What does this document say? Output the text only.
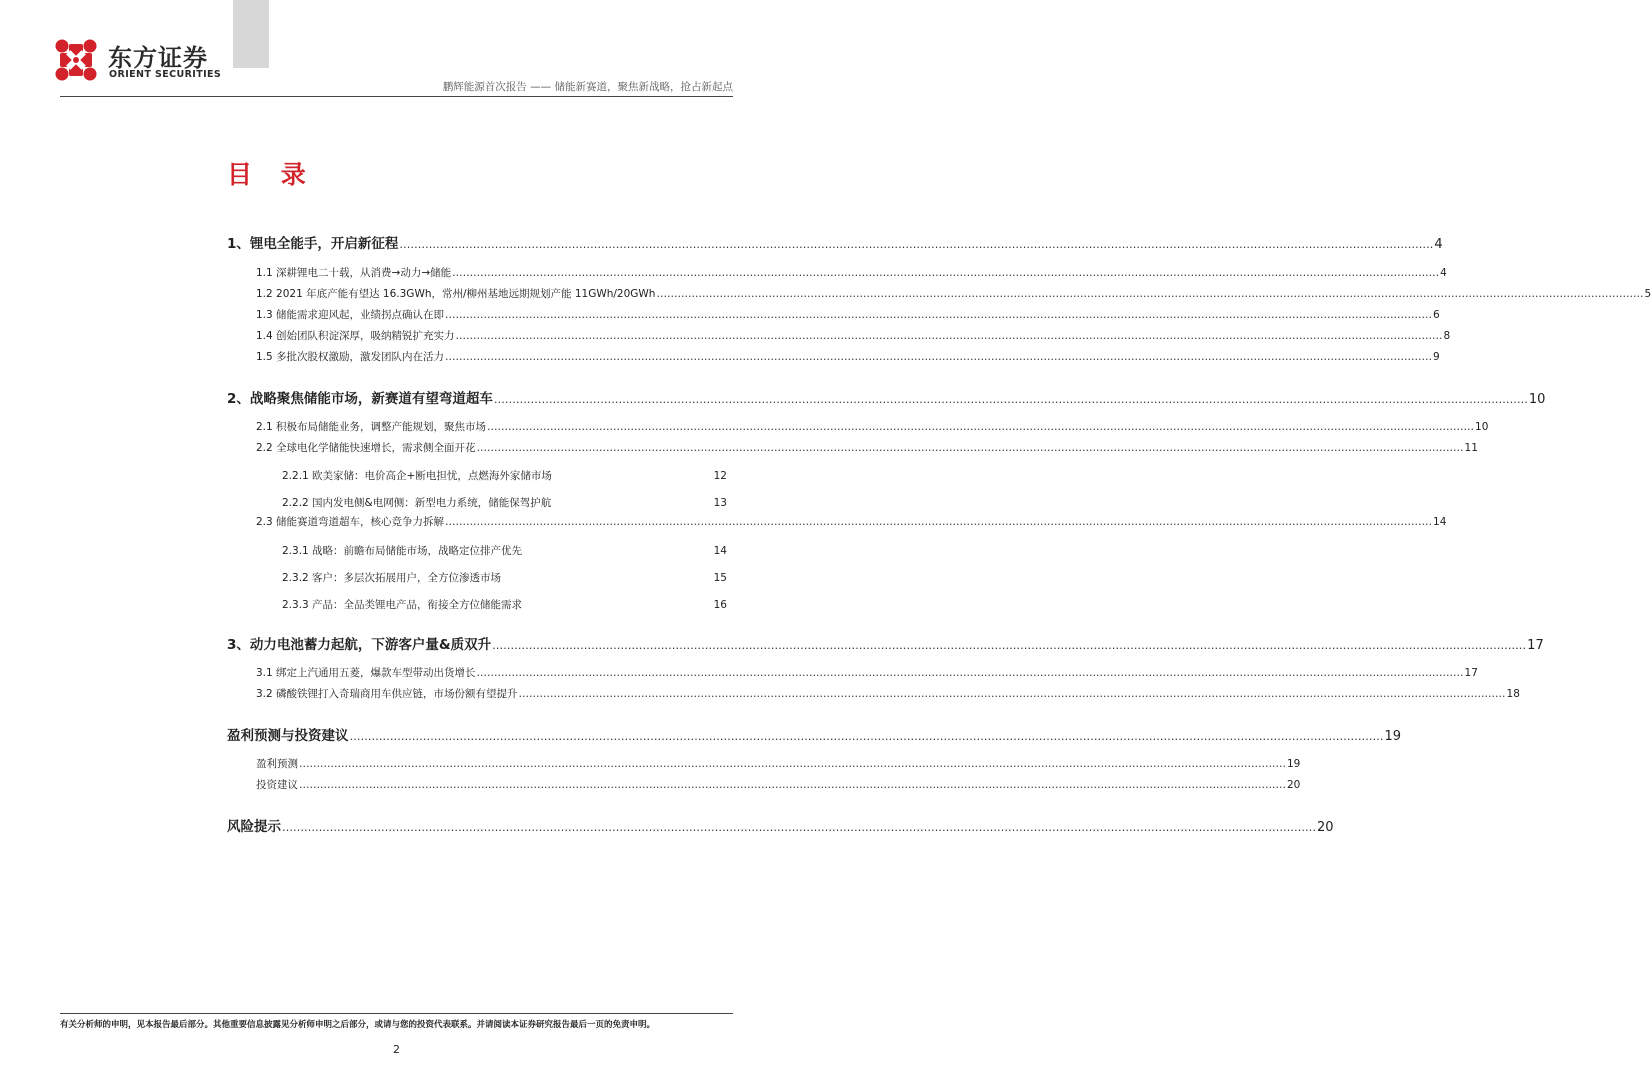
东方证券
ORIENT SECURITIES
鹏辉能源首次报告 —— 储能新赛道，聚焦新战略，抢占新起点
目 录
1、锂电全能手，开启新征程 ………………………………………………………………………………………………………………………………………………………………………………………………………………………………………………………… 4
1.1 深耕锂电二十载，从消费→动力→储能 ………………………………………………………………………………………………………………………………………………………………………………………………………………………………………………………… 4
1.2 2021 年底产能有望达 16.3GWh，常州/柳州基地远期规划产能 11GWh/20GWh ………………………………………………………………………………………………………………………………………………………………………………………………………………………………………………………… 5
1.3 储能需求迎风起，业绩拐点确认在即 ………………………………………………………………………………………………………………………………………………………………………………………………………………………………………………………… 6
1.4 创始团队积淀深厚，吸纳精锐扩充实力 ………………………………………………………………………………………………………………………………………………………………………………………………………………………………………………………… 8
1.5 多批次股权激励，激发团队内在活力 ………………………………………………………………………………………………………………………………………………………………………………………………………………………………………………………… 9
2、战略聚焦储能市场，新赛道有望弯道超车 ………………………………………………………………………………………………………………………………………………………………………………………………………………………………………………………… 10
2.1 积极布局储能业务，调整产能规划，聚焦市场 ………………………………………………………………………………………………………………………………………………………………………………………………………………………………………………………… 10
2.2 全球电化学储能快速增长，需求侧全面开花 ………………………………………………………………………………………………………………………………………………………………………………………………………………………………………………………… 11
2.2.1 欧美家储：电价高企+断电担忧，点燃海外家储市场	12
2.2.2 国内发电侧&电网侧：新型电力系统，储能保驾护航	13
2.3 储能赛道弯道超车，核心竞争力拆解 ………………………………………………………………………………………………………………………………………………………………………………………………………………………………………………………… 14
2.3.1 战略：前瞻布局储能市场，战略定位排产优先	14
2.3.2 客户：多层次拓展用户，全方位渗透市场	15
2.3.3 产品：全品类锂电产品，衔接全方位储能需求	16
3、动力电池蓄力起航，下游客户量&质双升 ………………………………………………………………………………………………………………………………………………………………………………………………………………………………………………………… 17
3.1 绑定上汽通用五菱，爆款车型带动出货增长 ………………………………………………………………………………………………………………………………………………………………………………………………………………………………………………………… 17
3.2 磷酸铁锂打入奇瑞商用车供应链，市场份额有望提升 ………………………………………………………………………………………………………………………………………………………………………………………………………………………………………………………… 18
盈利预测与投资建议 ………………………………………………………………………………………………………………………………………………………………………………………………………………………………………………………… 19
盈利预测 ………………………………………………………………………………………………………………………………………………………………………………………………………………………………………………………… 19
投资建议 ………………………………………………………………………………………………………………………………………………………………………………………………………………………………………………………… 20
风险提示 ………………………………………………………………………………………………………………………………………………………………………………………………………………………………………………………… 20
有关分析师的申明，见本报告最后部分。其他重要信息披露见分析师申明之后部分，或请与您的投资代表联系。并请阅读本证券研究报告最后一页的免责申明。
2
